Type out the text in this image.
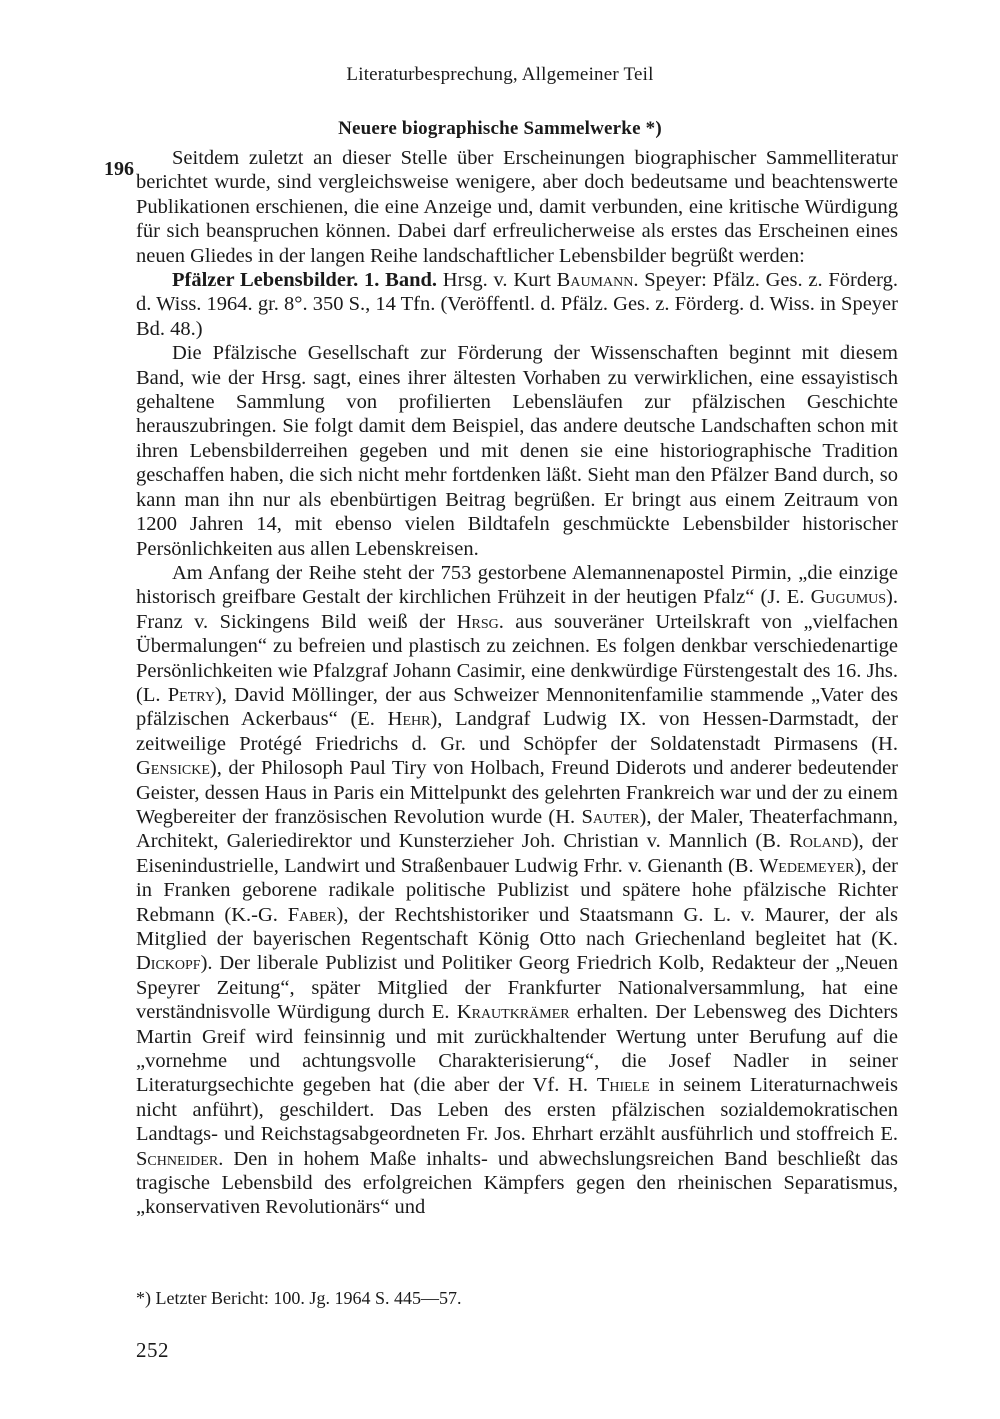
Literaturbesprechung, Allgemeiner Teil
Neuere biographische Sammelwerke *)
196	Seitdem zuletzt an dieser Stelle über Erscheinungen biographischer Sammelliteratur berichtet wurde, sind vergleichsweise wenigere, aber doch bedeutsame und beachtenswerte Publikationen erschienen, die eine Anzeige und, damit verbunden, eine kritische Würdigung für sich beanspruchen können. Dabei darf erfreulicherweise als erstes das Erscheinen eines neuen Gliedes in der langen Reihe landschaftlicher Lebensbilder begrüßt werden:

Pfälzer Lebensbilder. 1. Band. Hrsg. v. Kurt Baumann. Speyer: Pfälz. Ges. z. Förderg. d. Wiss. 1964. gr. 8°. 350 S., 14 Tfn. (Veröffentl. d. Pfälz. Ges. z. Förderg. d. Wiss. in Speyer Bd. 48.)

Die Pfälzische Gesellschaft zur Förderung der Wissenschaften beginnt mit diesem Band, wie der Hrsg. sagt, eines ihrer ältesten Vorhaben zu verwirklichen, eine essayistisch gehaltene Sammlung von profilierten Lebensläufen zur pfälzischen Geschichte herauszubringen. Sie folgt damit dem Beispiel, das andere deutsche Landschaften schon mit ihren Lebensbilderreihen gegeben und mit denen sie eine historiographische Tradition geschaffen haben, die sich nicht mehr fortdenken läßt. Sieht man den Pfälzer Band durch, so kann man ihn nur als ebenbürtigen Beitrag begrüßen. Er bringt aus einem Zeitraum von 1200 Jahren 14, mit ebenso vielen Bildtafeln geschmückte Lebensbilder historischer Persönlichkeiten aus allen Lebenskreisen.

Am Anfang der Reihe steht der 753 gestorbene Alemannenapostel Pirmin, „die einzige historisch greifbare Gestalt der kirchlichen Frühzeit in der heutigen Pfalz“ (J. E. Gugumus). Franz v. Sickingens Bild weiß der Hrsg. aus souveräner Urteilskraft von „vielfachen Übermalungen“ zu befreien und plastisch zu zeichnen. Es folgen denkbar verschiedenartige Persönlichkeiten wie Pfalzgraf Johann Casimir, eine denkwürdige Fürstengestalt des 16. Jhs. (L. Petry), David Möllinger, der aus Schweizer Mennonitenfamilie stammende „Vater des pfälzischen Ackerbaus“ (E. Hehr), Landgraf Ludwig IX. von Hessen-Darmstadt, der zeitweilige Protégé Friedrichs d. Gr. und Schöpfer der Soldatenstadt Pirmasens (H. Gensicke), der Philosoph Paul Tiry von Holbach, Freund Diderots und anderer bedeutender Geister, dessen Haus in Paris ein Mittelpunkt des gelehrten Frankreich war und der zu einem Wegbereiter der französischen Revolution wurde (H. Sauter), der Maler, Theaterfachmann, Architekt, Galeriedirektor und Kunsterzieher Joh. Christian v. Mannlich (B. Roland), der Eisenindustrielle, Landwirt und Straßenbauer Ludwig Frhr. v. Gienanth (B. Wedemeyer), der in Franken geborene radikale politische Publizist und spätere hohe pfälzische Richter Rebmann (K.-G. Faber), der Rechtshistoriker und Staatsmann G. L. v. Maurer, der als Mitglied der bayerischen Regentschaft König Otto nach Griechenland begleitet hat (K. Dickopf). Der liberale Publizist und Politiker Georg Friedrich Kolb, Redakteur der „Neuen Speyrer Zeitung“, später Mitglied der Frankfurter Nationalversammlung, hat eine verständnisvolle Würdigung durch E. Krautkrämer erhalten. Der Lebensweg des Dichters Martin Greif wird feinsinnig und mit zurückhaltender Wertung unter Berufung auf die „vornehme und achtungsvolle Charakterisierung“, die Josef Nadler in seiner Literaturgsechichte gegeben hat (die aber der Vf. H. Thiele in seinem Literaturnachweis nicht anführt), geschildert. Das Leben des ersten pfälzischen sozialdemokratischen Landtags- und Reichstagsabgeordneten Fr. Jos. Ehrhart erzählt ausführlich und stoffreich E. Schneider. Den in hohem Maße inhalts- und abwechslungsreichen Band beschließt das tragische Lebensbild des erfolgreichen Kämpfers gegen den rheinischen Separatismus, „konservativen Revolutionärs“ und

*) Letzter Bericht: 100. Jg. 1964 S. 445—57.
252
